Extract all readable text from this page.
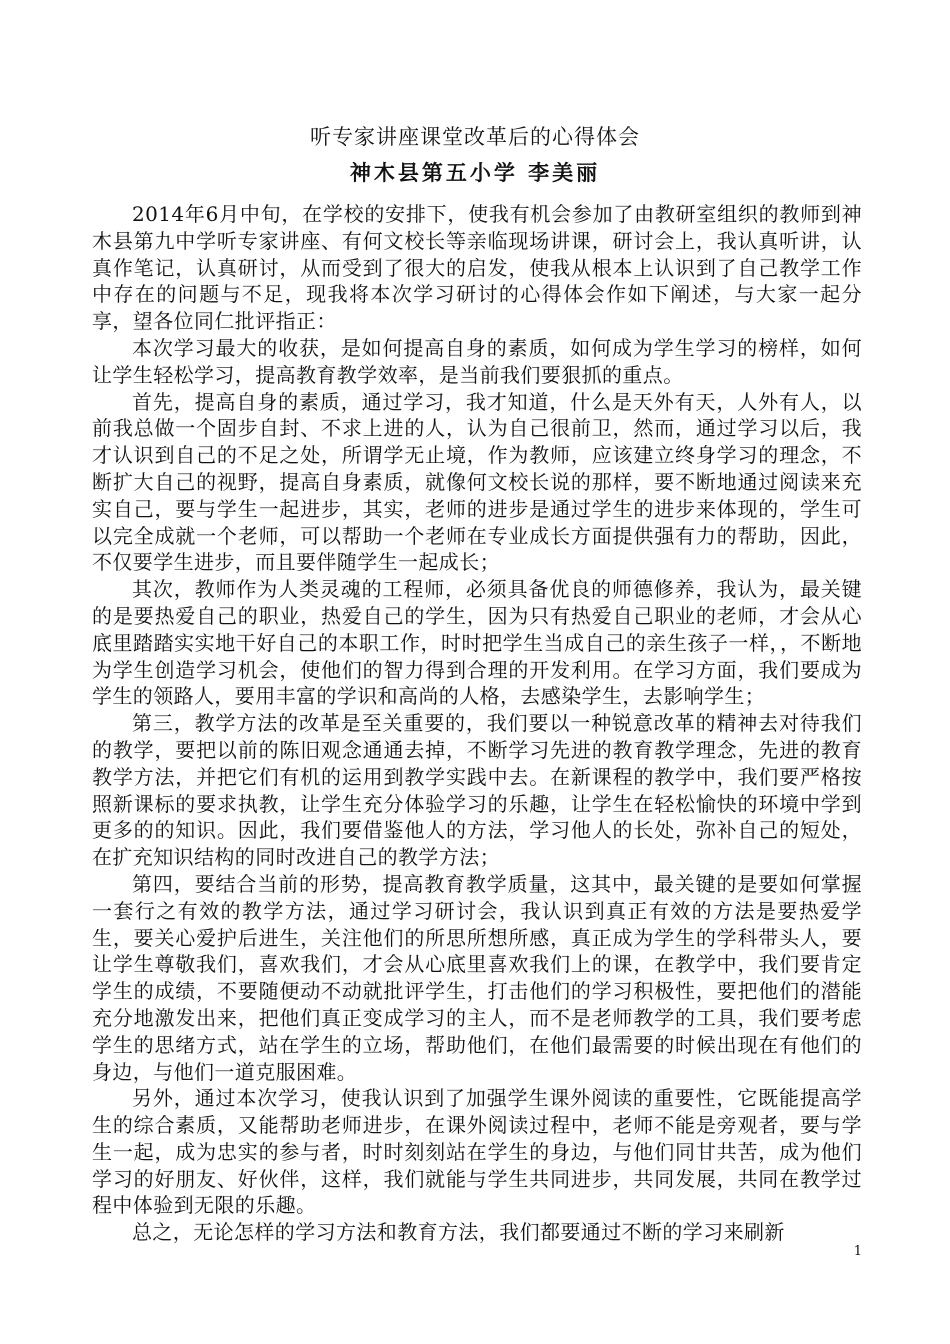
听专家讲座课堂改革后的心得体会
神木县第五小学 李美丽

2014年6月中旬，在学校的安排下，使我有机会参加了由教研室组织的教师到神木县第九中学听专家讲座、有何文校长等亲临现场讲课，研讨会上，我认真听讲，认真作笔记，认真研讨，从而受到了很大的启发，使我从根本上认识到了自己教学工作中存在的问题与不足，现我将本次学习研讨的心得体会作如下阐述，与大家一起分享，望各位同仁批评指正：

本次学习最大的收获，是如何提高自身的素质，如何成为学生学习的榜样，如何让学生轻松学习，提高教育教学效率，是当前我们要狠抓的重点。

首先，提高自身的素质，通过学习，我才知道，什么是天外有天，人外有人，以前我总做一个固步自封、不求上进的人，认为自己很前卫，然而，通过学习以后，我才认识到自己的不足之处，所谓学无止境，作为教师，应该建立终身学习的理念，不断扩大自己的视野，提高自身素质，就像何文校长说的那样，要不断地通过阅读来充实自己，要与学生一起进步，其实，老师的进步是通过学生的进步来体现的，学生可以完全成就一个老师，可以帮助一个老师在专业成长方面提供强有力的帮助，因此，不仅要学生进步，而且要伴随学生一起成长；

其次，教师作为人类灵魂的工程师，必须具备优良的师德修养，我认为，最关键的是要热爱自己的职业，热爱自己的学生，因为只有热爱自己职业的老师，才会从心底里踏踏实实地干好自己的本职工作，时时把学生当成自己的亲生孩子一样，，不断地为学生创造学习机会，使他们的智力得到合理的开发利用。在学习方面，我们要成为学生的领路人，要用丰富的学识和高尚的人格，去感染学生，去影响学生；

第三，教学方法的改革是至关重要的，我们要以一种锐意改革的精神去对待我们的教学，要把以前的陈旧观念通通去掉，不断学习先进的教育教学理念，先进的教育教学方法，并把它们有机的运用到教学实践中去。在新课程的教学中，我们要严格按照新课标的要求执教，让学生充分体验学习的乐趣，让学生在轻松愉快的环境中学到更多的的知识。因此，我们要借鉴他人的方法，学习他人的长处，弥补自己的短处，在扩充知识结构的同时改进自己的教学方法；

第四，要结合当前的形势，提高教育教学质量，这其中，最关键的是要如何掌握一套行之有效的教学方法，通过学习研讨会，我认识到真正有效的方法是要热爱学生，要关心爱护后进生，关注他们的所思所想所感，真正成为学生的学科带头人，要让学生尊敬我们，喜欢我们，才会从心底里喜欢我们上的课，在教学中，我们要肯定学生的成绩，不要随便动不动就批评学生，打击他们的学习积极性，要把他们的潜能充分地激发出来，把他们真正变成学习的主人，而不是老师教学的工具，我们要考虑学生的思绪方式，站在学生的立场，帮助他们，在他们最需要的时候出现在有他们的身边，与他们一道克服困难。

另外，通过本次学习，使我认识到了加强学生课外阅读的重要性，它既能提高学生的综合素质，又能帮助老师进步，在课外阅读过程中，老师不能是旁观者，要与学生一起，成为忠实的参与者，时时刻刻站在学生的身边，与他们同甘共苦，成为他们学习的好朋友、好伙伴，这样，我们就能与学生共同进步，共同发展，共同在教学过程中体验到无限的乐趣。

总之，无论怎样的学习方法和教育方法，我们都要通过不断的学习来刷新

1
